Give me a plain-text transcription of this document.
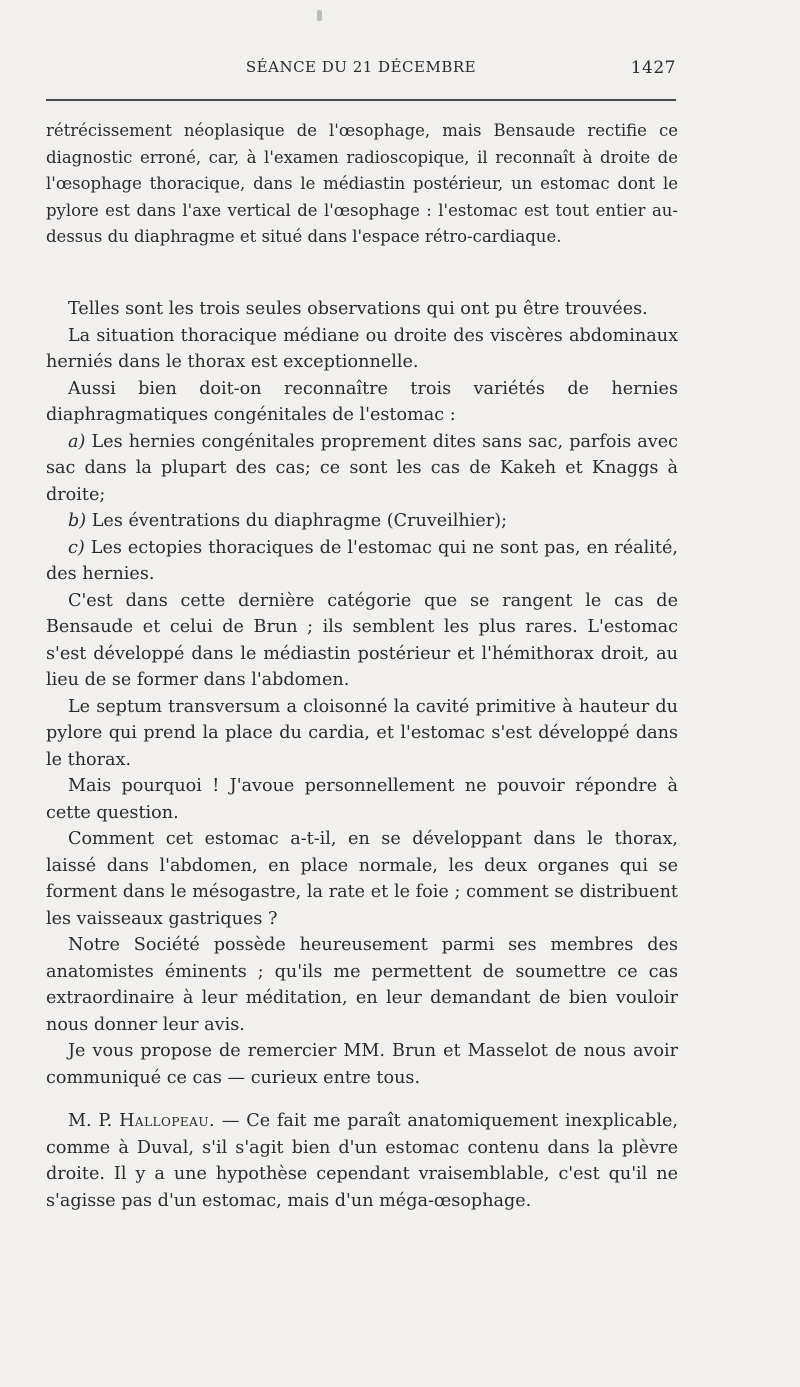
SÉANCE DU 21 DÉCEMBRE	1427

rétrécissement néoplasique de l'œsophage, mais Bensaude rectifie ce diagnostic erroné, car, à l'examen radioscopique, il reconnaît à droite de l'œsophage thoracique, dans le médiastin postérieur, un estomac dont le pylore est dans l'axe vertical de l'œsophage : l'estomac est tout entier au-dessus du diaphragme et situé dans l'espace rétro-cardiaque.

Telles sont les trois seules observations qui ont pu être trouvées.

La situation thoracique médiane ou droite des viscères abdominaux herniés dans le thorax est exceptionnelle.

Aussi bien doit-on reconnaître trois variétés de hernies diaphragmatiques congénitales de l'estomac :

a) Les hernies congénitales proprement dites sans sac, parfois avec sac dans la plupart des cas; ce sont les cas de Kakeh et Knaggs à droite;

b) Les éventrations du diaphragme (Cruveilhier);

c) Les ectopies thoraciques de l'estomac qui ne sont pas, en réalité, des hernies.

C'est dans cette dernière catégorie que se rangent le cas de Bensaude et celui de Brun ; ils semblent les plus rares. L'estomac s'est développé dans le médiastin postérieur et l'hémithorax droit, au lieu de se former dans l'abdomen.

Le septum transversum a cloisonné la cavité primitive à hauteur du pylore qui prend la place du cardia, et l'estomac s'est développé dans le thorax.

Mais pourquoi ! J'avoue personnellement ne pouvoir répondre à cette question.

Comment cet estomac a-t-il, en se développant dans le thorax, laissé dans l'abdomen, en place normale, les deux organes qui se forment dans le mésogastre, la rate et le foie ; comment se distribuent les vaisseaux gastriques ?

Notre Société possède heureusement parmi ses membres des anatomistes éminents ; qu'ils me permettent de soumettre ce cas extraordinaire à leur méditation, en leur demandant de bien vouloir nous donner leur avis.

Je vous propose de remercier MM. Brun et Masselot de nous avoir communiqué ce cas — curieux entre tous.

M. P. Hallopeau. — Ce fait me paraît anatomiquement inexplicable, comme à Duval, s'il s'agit bien d'un estomac contenu dans la plèvre droite. Il y a une hypothèse cependant vraisemblable, c'est qu'il ne s'agisse pas d'un estomac, mais d'un méga-œsophage.
